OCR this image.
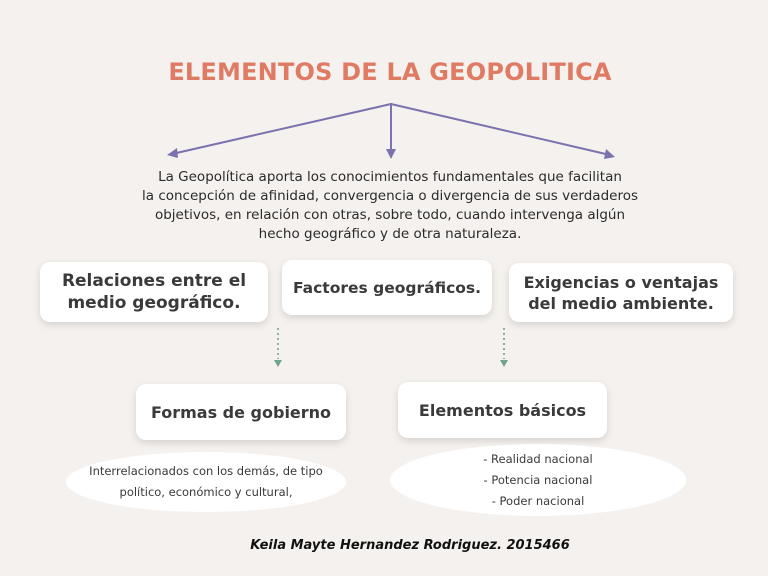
ELEMENTOS DE LA GEOPOLITICA
La Geopolítica aporta los conocimientos fundamentales que facilitan
la concepción de afinidad, convergencia o divergencia de sus verdaderos
objetivos, en relación con otras, sobre todo, cuando intervenga algún
hecho geográfico y de otra naturaleza.
Relaciones entre el
medio geográfico.
Factores geográficos.	Exigencias o ventajas
del medio ambiente.
Formas de gobierno	Elementos básicos
Interrelacionados con los demás, de tipo
político, económico y cultural,
- Realidad nacional
- Potencia nacional
- Poder nacional
Keila Mayte Hernandez Rodriguez. 2015466
